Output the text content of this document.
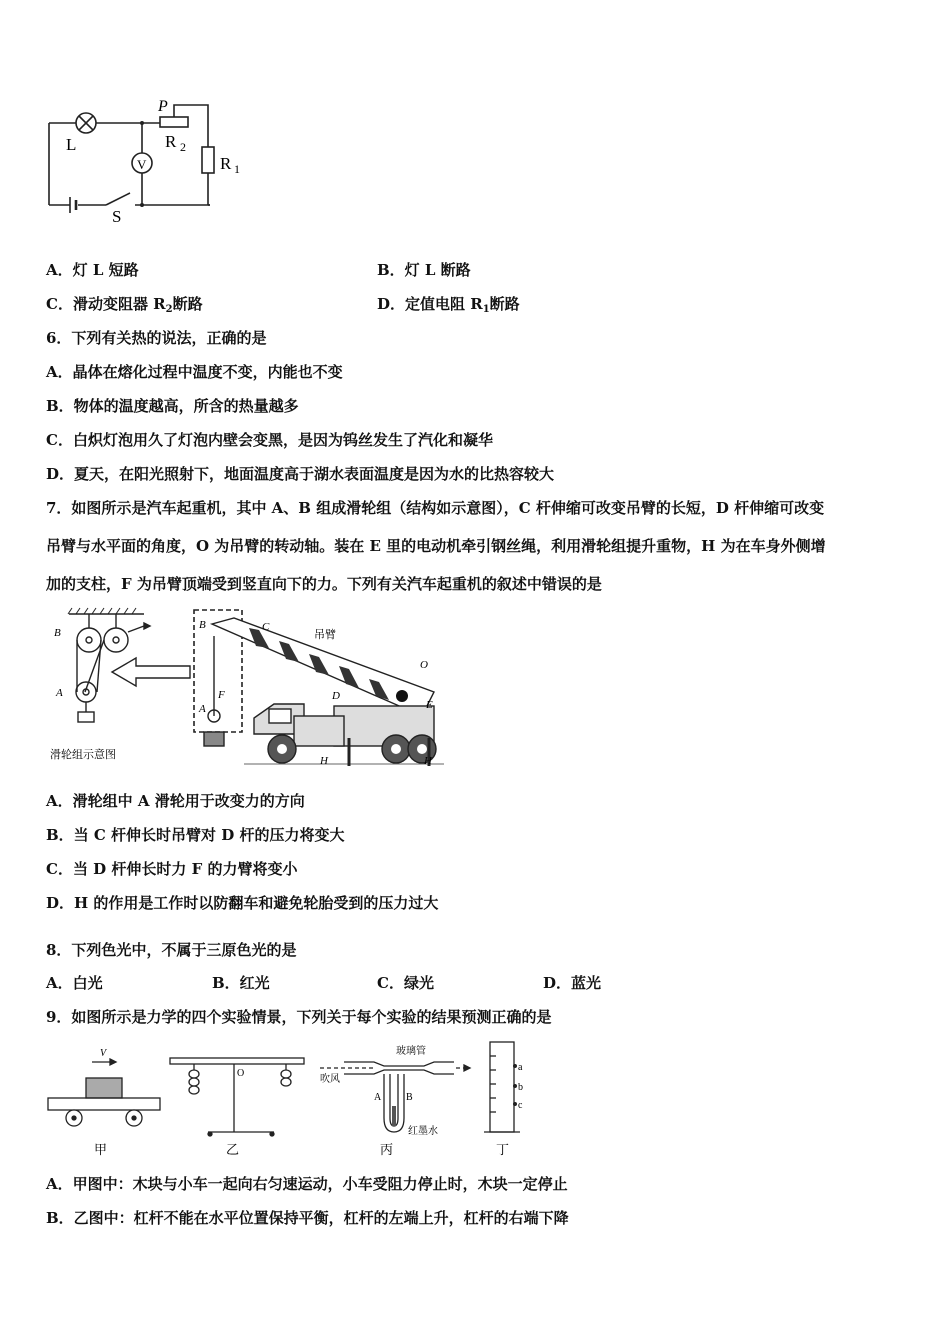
L
V
P
R 2
R 1
S
A．灯 L 短路	B．灯 L 断路
C．滑动变阻器 $R_2$断路	D．定值电阻 $R_1$断路
6．下列有关热的说法，正确的是
A．晶体在熔化过程中温度不变，内能也不变
B．物体的温度越高，所含的热量越多
C．白炽灯泡用久了灯泡内壁会变黑，是因为钨丝发生了汽化和凝华
D．夏天，在阳光照射下，地面温度高于湖水表面温度是因为水的比热容较大
7．如图所示是汽车起重机，其中 A、B 组成滑轮组（结构如示意图），C 杆伸缩可改变吊臂的长短，D 杆伸缩可改变
吊臂与水平面的角度，O 为吊臂的转动轴。装在 E 里的电动机牵引钢丝绳，利用滑轮组提升重物，H 为在车身外侧增
加的支柱，F 为吊臂顶端受到竖直向下的力。下列有关汽车起重机的叙述中错误的是
B
A
B
A
F
C
D
O
E
H	H
吊臂
滑轮组示意图
A．滑轮组中 A 滑轮用于改变力的方向
B．当 C 杆伸长时吊臂对 D 杆的压力将变大
C．当 D 杆伸长时力 F 的力臂将变小
D．H 的作用是工作时以防翻车和避免轮胎受到的压力过大
8．下列色光中，不属于三原色光的是
A．白光	B．红光	C．绿光	D．蓝光
9．如图所示是力学的四个实验情景，下列关于每个实验的结果预测正确的是
V
O
玻璃管
吹风
A B
红墨水
a
b
c
甲	乙	丙	丁
A．甲图中：木块与小车一起向右匀速运动，小车受阻力停止时，木块一定停止
B．乙图中：杠杆不能在水平位置保持平衡，杠杆的左端上升，杠杆的右端下降
